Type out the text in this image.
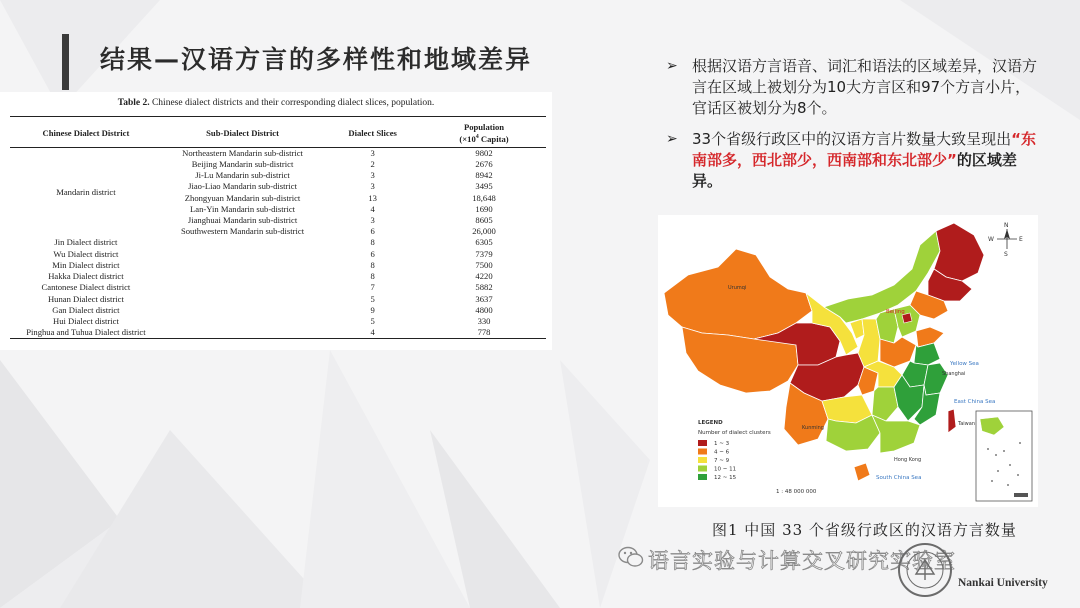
结果—汉语方言的多样性和地域差异
Table 2. Chinese dialect districts and their corresponding dialect slices, population.
Chinese Dialect District	Sub-Dialect District	Dialect Slices	Population
($\times 10^4$ Capita)
Mandarin district	Northeastern Mandarin sub-district	3	9802
	Beijing Mandarin sub-district	2	2676
	Ji-Lu Mandarin sub-district	3	8942
	Jiao-Liao Mandarin sub-district	3	3495
	Zhongyuan Mandarin sub-district	13	18,648
	Lan-Yin Mandarin sub-district	4	1690
	Jianghuai Mandarin sub-district	3	8605
	Southwestern Mandarin sub-district	6	26,000
Jin Dialect district		8	6305
Wu Dialect district		6	7379
Min Dialect district		8	7500
Hakka Dialect district		8	4220
Cantonese Dialect district		7	5882
Hunan Dialect district		5	3637
Gan Dialect district		9	4800
Hui Dialect district		5	330
Pinghua and Tuhua Dialect district		4	778
➢ 根据汉语方言语音、词汇和语法的区域差异，汉语方言在区域上被划分为10大方言区和97个方言小片，官话区被划分为8个。
➢ 33个省级行政区中的汉语方言片数量大致呈现出“东南部多，西北部少，西南部和东北部少”的区域差异。
Yellow Sea
East China Sea
South China Sea
Beijing
Urumqi
Kunming
Shanghai
Hong Kong
Taiwan
N
S
E
W
LEGEND
Number of dialect clusters
1 ~ 3
4 ~ 6
7 ~ 9
10 ~ 11
12 ~ 15
1 : 48 000 000
图1 中国 33 个省级行政区的汉语方言数量
语言实验与计算交叉研究实验室
Nankai University
